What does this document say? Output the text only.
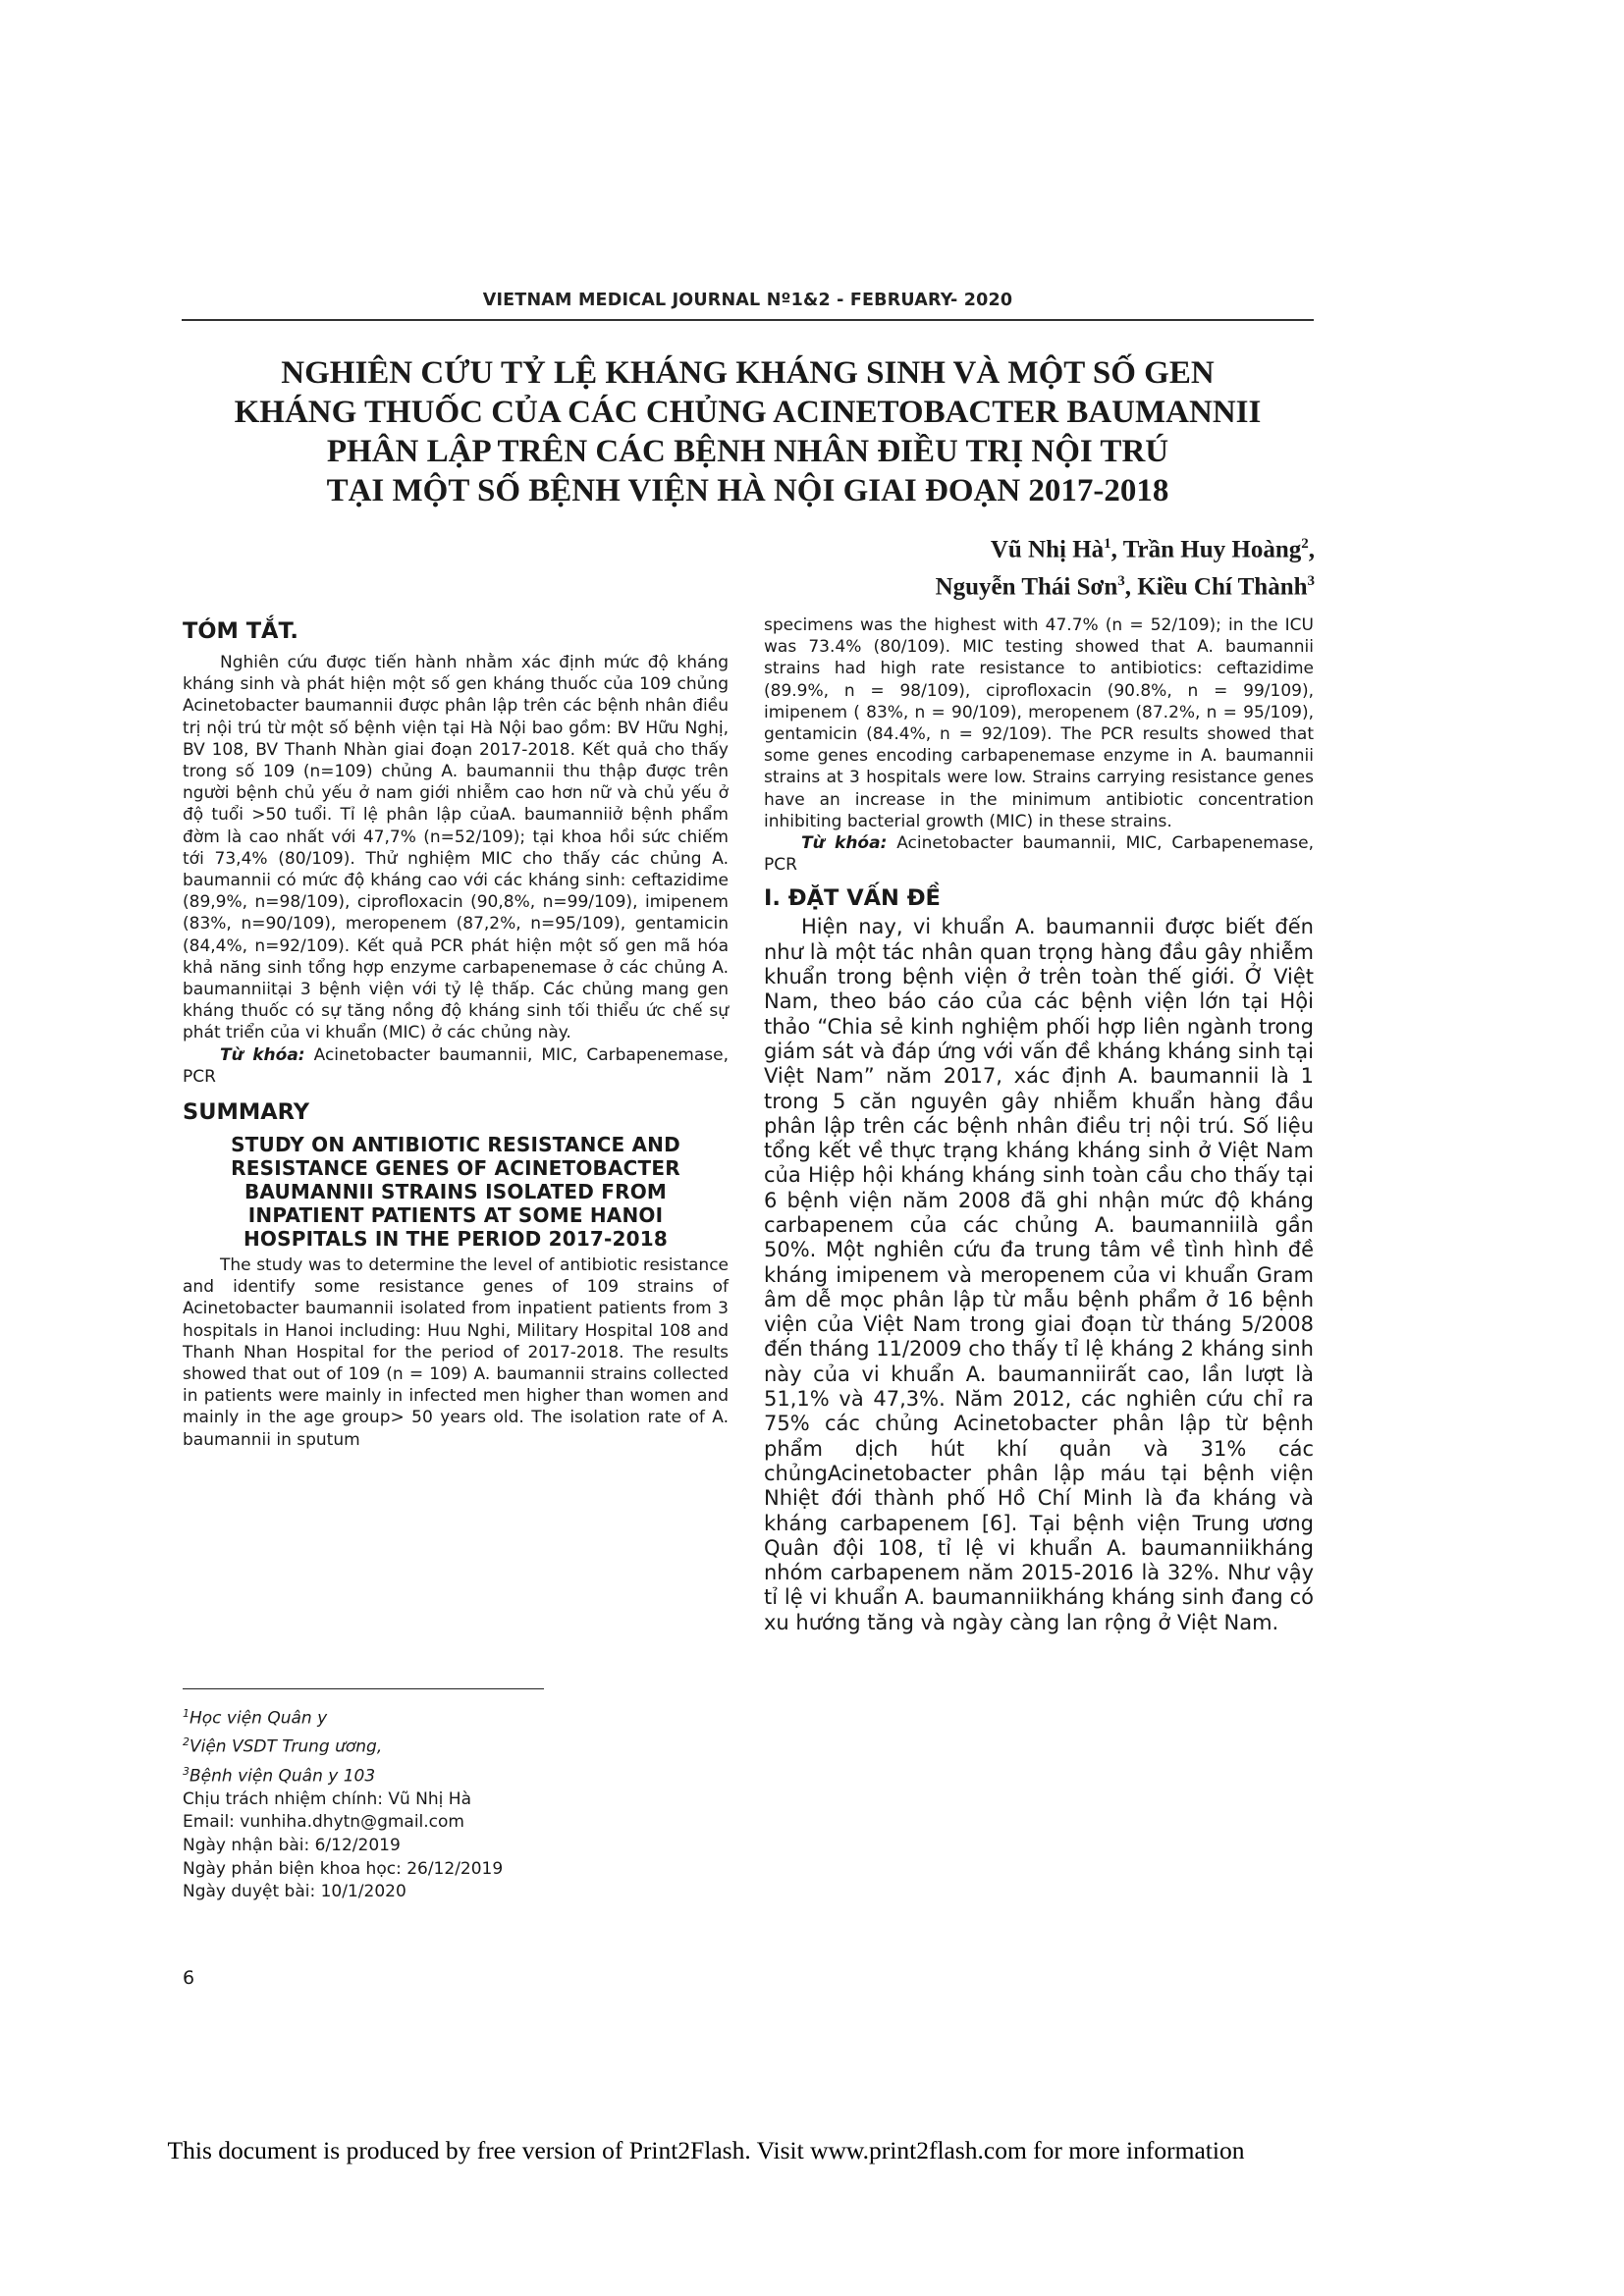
VIETNAM MEDICAL JOURNAL Nº1&2 - FEBRUARY- 2020
NGHIÊN CỨU TỶ LỆ KHÁNG KHÁNG SINH VÀ MỘT SỐ GEN
KHÁNG THUỐC CỦA CÁC CHỦNG ACINETOBACTER BAUMANNII
PHÂN LẬP TRÊN CÁC BỆNH NHÂN ĐIỀU TRỊ NỘI TRÚ
TẠI MỘT SỐ BỆNH VIỆN HÀ NỘI GIAI ĐOẠN 2017-2018
Vũ Nhị $Hà^1$, Trần Huy Hoàng$^2$,
Nguyễn Thái Sơn$^3$, Kiều Chí Thành$^3$
TÓM TẮT.

Nghiên cứu được tiến hành nhằm xác định mức độ kháng kháng sinh và phát hiện một số gen kháng thuốc của 109 chủng Acinetobacter baumannii được phân lập trên các bệnh nhân điều trị nội trú từ một số bệnh viện tại Hà Nội bao gồm: BV Hữu Nghị, BV 108, BV Thanh Nhàn giai đoạn 2017-2018. Kết quả cho thấy trong số 109 (n=109) chủng A. baumannii thu thập được trên người bệnh chủ yếu ở nam giới nhiễm cao hơn nữ và chủ yếu ở độ tuổi >50 tuổi. Tỉ lệ phân lập củaA. baumanniiở bệnh phẩm đờm là cao nhất với 47,7% (n=52/109); tại khoa hồi sức chiếm tới 73,4% (80/109). Thử nghiệm MIC cho thấy các chủng A. baumannii có mức độ kháng cao với các kháng sinh: ceftazidime (89,9%, n=98/109), ciprofloxacin (90,8%, n=99/109), imipenem (83%, n=90/109), meropenem (87,2%, n=95/109), gentamicin (84,4%, n=92/109). Kết quả PCR phát hiện một số gen mã hóa khả năng sinh tổng hợp enzyme carbapenemase ở các chủng A. baumanniitại 3 bệnh viện với tỷ lệ thấp. Các chủng mang gen kháng thuốc có sự tăng nồng độ kháng sinh tối thiểu ức chế sự phát triển của vi khuẩn (MIC) ở các chủng này.

Từ khóa: Acinetobacter baumannii, MIC, Carbapenemase, PCR

SUMMARY
STUDY ON ANTIBIOTIC RESISTANCE AND
RESISTANCE GENES OF ACINETOBACTER
BAUMANNII STRAINS ISOLATED FROM
INPATIENT PATIENTS AT SOME HANOI
HOSPITALS IN THE PERIOD 2017-2018

The study was to determine the level of antibiotic resistance and identify some resistance genes of 109 strains of Acinetobacter baumannii isolated from inpatient patients from 3 hospitals in Hanoi including: Huu Nghi, Military Hospital 108 and Thanh Nhan Hospital for the period of 2017-2018. The results showed that out of 109 (n = 109) A. baumannii strains collected in patients were mainly in infected men higher than women and mainly in the age group> 50 years old. The isolation rate of A. baumannii in sputum

$^1$Học viện Quân y
$^2$Viện VSDT Trung ương,
$^3$Bệnh viện Quân y 103
Chịu trách nhiệm chính: Vũ Nhị Hà
Email: vunhiha.dhytn@gmail.com
Ngày nhận bài: 6/12/2019
Ngày phản biện khoa học: 26/12/2019
Ngày duyệt bài: 10/1/2020

specimens was the highest with 47.7% (n = 52/109); in the ICU was 73.4% (80/109). MIC testing showed that A. baumannii strains had high rate resistance to antibiotics: ceftazidime (89.9%, n = 98/109), ciprofloxacin (90.8%, n = 99/109), imipenem ( 83%, n = 90/109), meropenem (87.2%, n = 95/109), gentamicin (84.4%, n = 92/109). The PCR results showed that some genes encoding carbapenemase enzyme in A. baumannii strains at 3 hospitals were low. Strains carrying resistance genes have an increase in the minimum antibiotic concentration inhibiting bacterial growth (MIC) in these strains.

Từ khóa: Acinetobacter baumannii, MIC, Carbapenemase, PCR

I. ĐẶT VẤN ĐỀ

Hiện nay, vi khuẩn A. baumannii được biết đến như là một tác nhân quan trọng hàng đầu gây nhiễm khuẩn trong bệnh viện ở trên toàn thế giới. Ở Việt Nam, theo báo cáo của các bệnh viện lớn tại Hội thảo “Chia sẻ kinh nghiệm phối hợp liên ngành trong giám sát và đáp ứng với vấn đề kháng kháng sinh tại Việt Nam” năm 2017, xác định A. baumannii là 1 trong 5 căn nguyên gây nhiễm khuẩn hàng đầu phân lập trên các bệnh nhân điều trị nội trú. Số liệu tổng kết về thực trạng kháng kháng sinh ở Việt Nam của Hiệp hội kháng kháng sinh toàn cầu cho thấy tại 6 bệnh viện năm 2008 đã ghi nhận mức độ kháng carbapenem của các chủng A. baumanniilà gần 50%. Một nghiên cứu đa trung tâm về tình hình đề kháng imipenem và meropenem của vi khuẩn Gram âm dễ mọc phân lập từ mẫu bệnh phẩm ở 16 bệnh viện của Việt Nam trong giai đoạn từ tháng 5/2008 đến tháng 11/2009 cho thấy tỉ lệ kháng 2 kháng sinh này của vi khuẩn A. baumanniirất cao, lần lượt là 51,1% và 47,3%. Năm 2012, các nghiên cứu chỉ ra 75% các chủng Acinetobacter phân lập từ bệnh phẩm dịch hút khí quản và 31% các chủngAcinetobacter phân lập máu tại bệnh viện Nhiệt đới thành phố Hồ Chí Minh là đa kháng và kháng carbapenem [6]. Tại bệnh viện Trung ương Quân đội 108, tỉ lệ vi khuẩn A. baumanniikháng nhóm carbapenem năm 2015-2016 là 32%. Như vậy tỉ lệ vi khuẩn A. baumanniikháng kháng sinh đang có xu hướng tăng và ngày càng lan rộng ở Việt Nam.

6
This document is produced by free version of Print2Flash. Visit www.print2flash.com for more information
